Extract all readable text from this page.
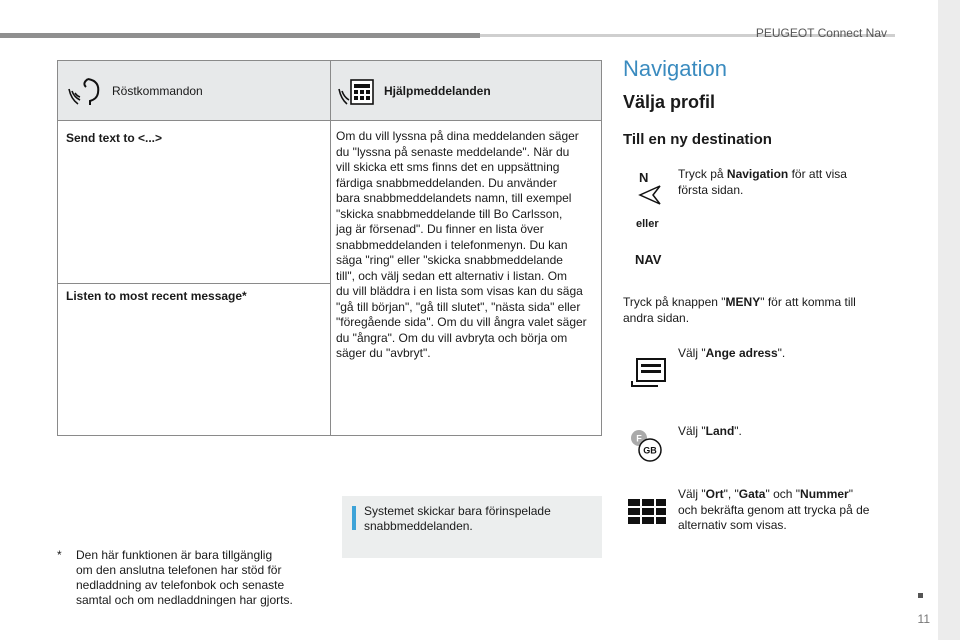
PEUGEOT Connect Nav
11
Röstkommandon	Hjälpmeddelanden
Send text to <...>
Listen to most recent message*
Om du vill lyssna på dina meddelanden säger
du "lyssna på senaste meddelande". När du
vill skicka ett sms finns det en uppsättning
färdiga snabbmeddelanden. Du använder
bara snabbmeddelandets namn, till exempel
"skicka snabbmeddelande till Bo Carlsson,
jag är försenad". Du finner en lista över
snabbmeddelanden i telefonmenyn. Du kan
säga "ring" eller "skicka snabbmeddelande
till", och välj sedan ett alternativ i listan. Om
du vill bläddra i en lista som visas kan du säga
"gå till början", "gå till slutet", "nästa sida" eller
"föregående sida". Om du vill ångra valet säger
du "ångra". Om du vill avbryta och börja om
säger du "avbryt".
Systemet skickar bara förinspelade
snabbmeddelanden.
* Den här funktionen är bara tillgänglig
om den anslutna telefonen har stöd för
nedladdning av telefonbok och senaste
samtal och om nedladdningen har gjorts.
Navigation
Välja profil
Till en ny destination
N
eller
NAV
Tryck på Navigation för att visa
första sidan.
Tryck på knappen "MENY" för att komma till
andra sidan.
Välj "Ange adress".
F
GB
Välj "Land".
Välj "Ort", "Gata" och "Nummer"
och bekräfta genom att trycka på de
alternativ som visas.
